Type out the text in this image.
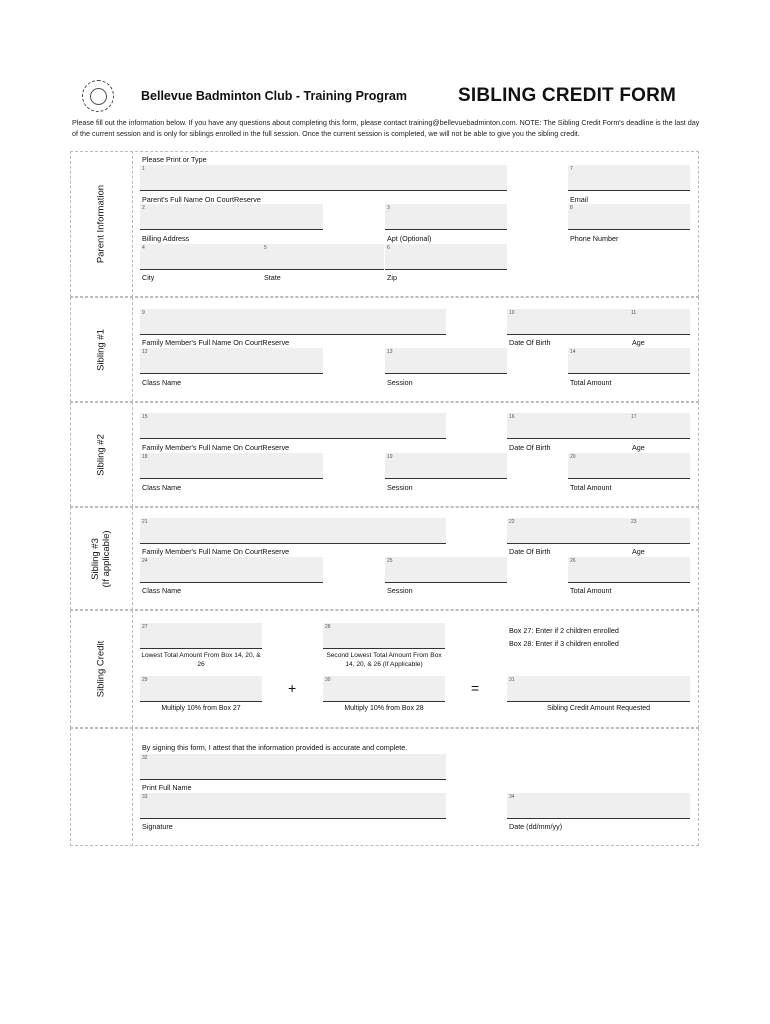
Bellevue Badminton Club - Training Program	SIBLING CREDIT FORM
Please fill out the information below. If you have any questions about completing this form, please contact training@bellevuebadminton.com. NOTE: The Sibling Credit Form's deadline is the last day of the current session and is only for siblings enrolled in the full session. Once the current session is completed, we will not be able to give you the sibling credit.
Parent Information
Please Print or Type
1	7
Parent's Full Name On CourtReserve	Email
2	3	8
Billing Address	Apt (Optional)	Phone Number
4	5	6
City	State	Zip
Sibling #1
9	10	11
Family Member's Full Name On CourtReserve	Date Of Birth	Age
12	13	14
Class Name	Session	Total Amount
Sibling #2
15	16	17
Family Member's Full Name On CourtReserve	Date Of Birth	Age
18	19	20
Class Name	Session	Total Amount
Sibling #3 (If applicable)
21	22	23
Family Member's Full Name On CourtReserve	Date Of Birth	Age
24	25	26
Class Name	Session	Total Amount
Sibling Credit
27	28	Box 27: Enter if 2 children enrolled
Box 28: Enter if 3 children enrolled
Lowest Total Amount From Box 14, 20, & 26
Second Lowest Total Amount From Box 14, 20, & 26 (If Applicable)
29	30	31
+	=
Multiply 10% from Box 27	Multiply 10% from Box 28	Sibling Credit Amount Requested
By signing this form, I attest that the information provided is accurate and complete.
32
Print Full Name
33	34
Signature	Date (dd/mm/yy)
